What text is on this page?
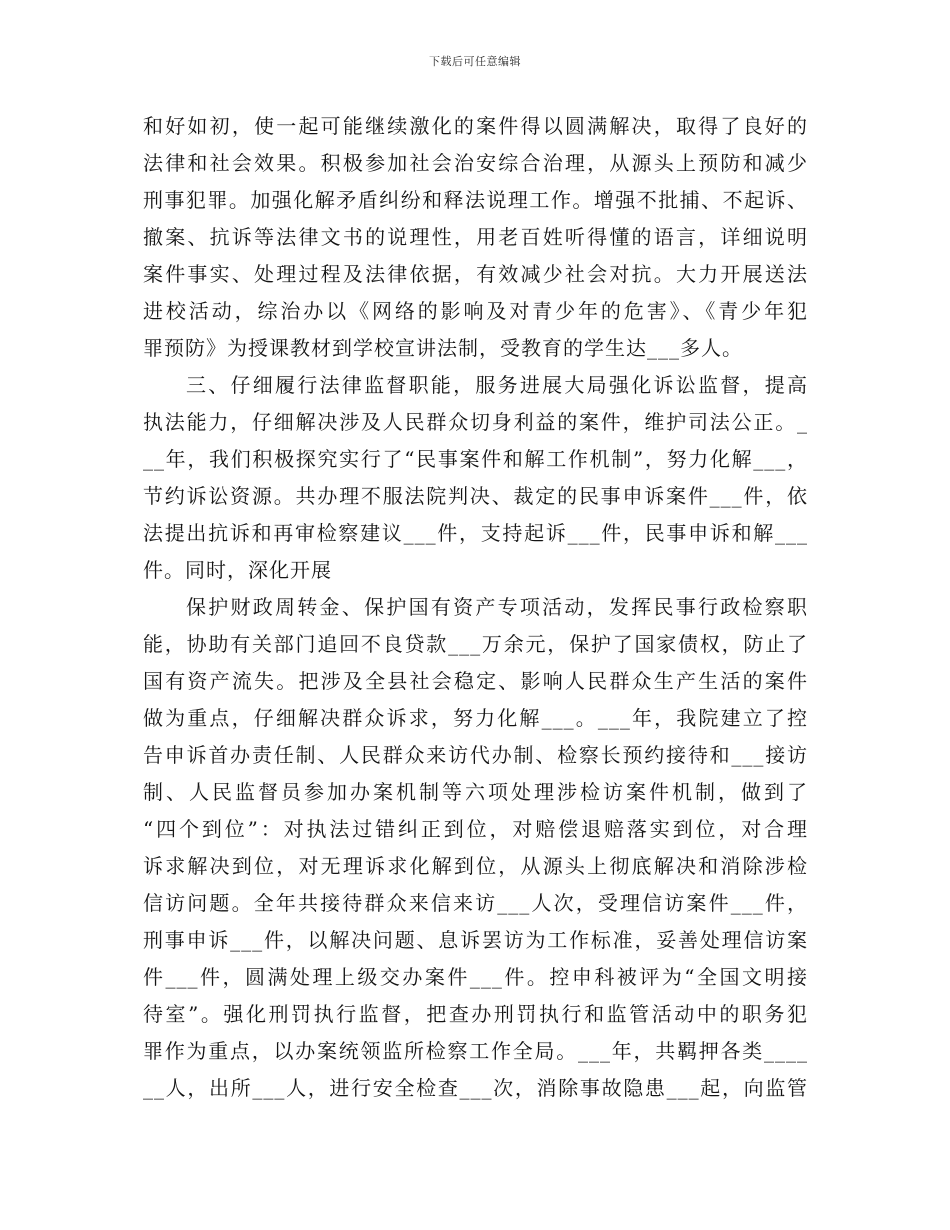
下载后可任意编辑
和好如初，使一起可能继续激化的案件得以圆满解决，取得了良好的
法律和社会效果。积极参加社会治安综合治理，从源头上预防和减少
刑事犯罪。加强化解矛盾纠纷和释法说理工作。增强不批捕、不起诉、
撤案、抗诉等法律文书的说理性，用老百姓听得懂的语言，详细说明
案件事实、处理过程及法律依据，有效减少社会对抗。大力开展送法
进校活动，综治办以《网络的影响及对青少年的危害》、《青少年犯
罪预防》为授课教材到学校宣讲法制，受教育的学生达___多人。
三、仔细履行法律监督职能，服务进展大局强化诉讼监督，提高
执法能力，仔细解决涉及人民群众切身利益的案件，维护司法公正。_
__年，我们积极探究实行了“民事案件和解工作机制”，努力化解___，
节约诉讼资源。共办理不服法院判决、裁定的民事申诉案件___件，依
法提出抗诉和再审检察建议___件，支持起诉___件，民事申诉和解___
件。同时，深化开展
保护财政周转金、保护国有资产专项活动，发挥民事行政检察职
能，协助有关部门追回不良贷款___万余元，保护了国家债权，防止了
国有资产流失。把涉及全县社会稳定、影响人民群众生产生活的案件
做为重点，仔细解决群众诉求，努力化解___。___年，我院建立了控
告申诉首办责任制、人民群众来访代办制、检察长预约接待和___接访
制、人民监督员参加办案机制等六项处理涉检访案件机制，做到了
“四个到位”：对执法过错纠正到位，对赔偿退赔落实到位，对合理
诉求解决到位，对无理诉求化解到位，从源头上彻底解决和消除涉检
信访问题。全年共接待群众来信来访___人次，受理信访案件___件，
刑事申诉___件，以解决问题、息诉罢访为工作标准，妥善处理信访案
件___件，圆满处理上级交办案件___件。控申科被评为“全国文明接
待室”。强化刑罚执行监督，把查办刑罚执行和监管活动中的职务犯
罪作为重点，以办案统领监所检察工作全局。___年，共羁押各类____
__人，出所___人，进行安全检查___次，消除事故隐患___起，向监管
